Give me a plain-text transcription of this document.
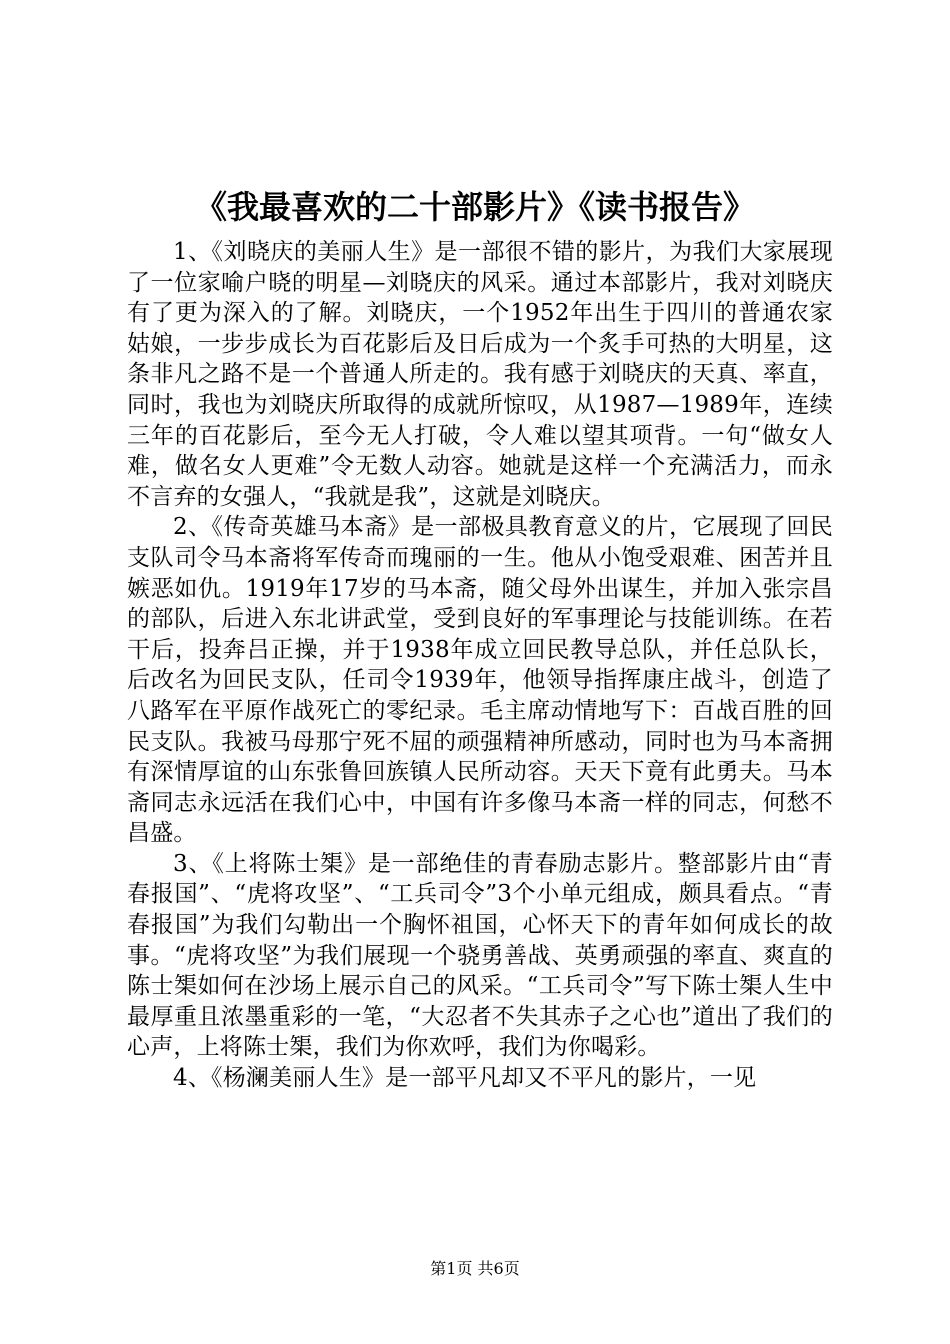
《我最喜欢的二十部影片》《读书报告》

1、《刘晓庆的美丽人生》是一部很不错的影片，为我们大家展现了一位家喻户晓的明星—刘晓庆的风采。通过本部影片，我对刘晓庆有了更为深入的了解。刘晓庆，一个1952年出生于四川的普通农家姑娘，一步步成长为百花影后及日后成为一个炙手可热的大明星，这条非凡之路不是一个普通人所走的。我有感于刘晓庆的天真、率直，同时，我也为刘晓庆所取得的成就所惊叹，从1987—1989年，连续三年的百花影后，至今无人打破，令人难以望其项背。一句“做女人难，做名女人更难”令无数人动容。她就是这样一个充满活力，而永不言弃的女强人，“我就是我”，这就是刘晓庆。

2、《传奇英雄马本斋》是一部极具教育意义的片，它展现了回民支队司令马本斋将军传奇而瑰丽的一生。他从小饱受艰难、困苦并且嫉恶如仇。1919年17岁的马本斋，随父母外出谋生，并加入张宗昌的部队，后进入东北讲武堂，受到良好的军事理论与技能训练。在若干后，投奔吕正操，并于1938年成立回民教导总队，并任总队长，后改名为回民支队，任司令1939年，他领导指挥康庄战斗，创造了八路军在平原作战死亡的零纪录。毛主席动情地写下：百战百胜的回民支队。我被马母那宁死不屈的顽强精神所感动，同时也为马本斋拥有深情厚谊的山东张鲁回族镇人民所动容。天天下竟有此勇夫。马本斋同志永远活在我们心中，中国有许多像马本斋一样的同志，何愁不昌盛。

3、《上将陈士榘》是一部绝佳的青春励志影片。整部影片由“青春报国”、“虎将攻坚”、“工兵司令”3个小单元组成，颇具看点。“青春报国”为我们勾勒出一个胸怀祖国，心怀天下的青年如何成长的故事。“虎将攻坚”为我们展现一个骁勇善战、英勇顽强的率直、爽直的陈士榘如何在沙场上展示自己的风采。“工兵司令”写下陈士榘人生中最厚重且浓墨重彩的一笔，“大忍者不失其赤子之心也”道出了我们的心声，上将陈士榘，我们为你欢呼，我们为你喝彩。

4、《杨澜美丽人生》是一部平凡却又不平凡的影片，一见

第1页 共6页
